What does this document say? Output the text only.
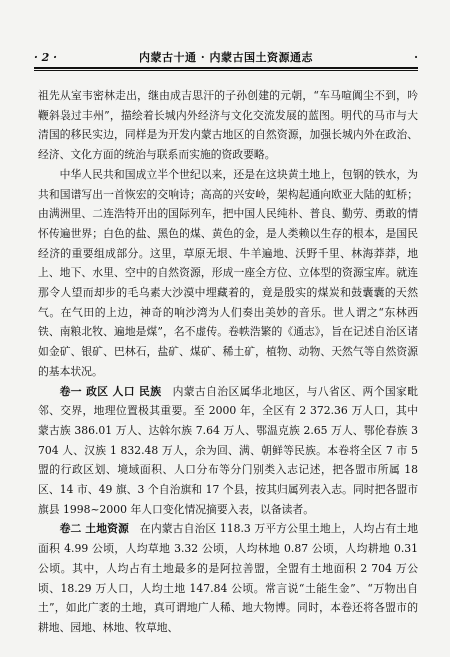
· 2 ·	内蒙古十通 · 内蒙古国土资源通志	·

祖先从室韦密林走出，继由成吉思汗的子孙创建的元朝，“车马喧阗尘不到，吟鞭斜袅过丰州”，描绘着长城内外经济与文化交流发展的蓝图。明代的马市与大清国的移民实边，同样是为开发内蒙古地区的自然资源，加强长城内外在政治、经济、文化方面的统治与联系而实施的资政要略。

中华人民共和国成立半个世纪以来，还是在这块黄土地上，包钢的铁水，为共和国谱写出一首恢宏的交响诗；高高的兴安岭，架构起通向欧亚大陆的虹桥；由满洲里、二连浩特开出的国际列车，把中国人民纯朴、普良、勤劳、勇敢的情怀传遍世界；白色的盐、黑色的煤、黄色的金，是人类赖以生存的根本，是国民经济的重要组成部分。这里，草原无垠、牛羊遍地、沃野千里、林海莽莽，地上、地下、水里、空中的自然资源，形成一座全方位、立体型的资源宝库。就连那令人望而却步的毛乌素大沙漠中埋藏着的，竟是殷实的煤炭和鼓囊囊的天然气。在气田的上边，神奇的响沙湾为人们奏出美妙的音乐。世人谓之“东林西铁、南粮北牧、遍地是煤”，名不虚传。卷帙浩繁的《通志》，旨在记述自治区诸如金矿、银矿、巴林石，盐矿、煤矿、稀土矿，植物、动物、天然气等自然资源的基本状况。

卷一 政区 人口 民族　 内蒙古自治区属华北地区，与八省区、两个国家毗邻、交界，地理位置极其重要。至 2000 年，全区有 2 372.36 万人口，其中蒙古族 386.01 万人、达斡尔族 7.64 万人、鄂温克族 2.65 万人、鄂伦春族 3 704 人、汉族 1 832.48 万人，余为回、满、朝鲜等民族。本卷将全区 7 市 5 盟的行政区划、境域面积、人口分布等分门别类入志记述，把各盟市所属 18 区、14 市、49 旗、3 个自治旗和 17 个县，按其归属列表入志。同时把各盟市旗县 1998~2000 年人口变化情况摘要入表，以备读者。

卷二 土地资源　 在内蒙古自治区 118.3 万平方公里土地上，人均占有土地面积 4.99 公顷，人均草地 3.32 公顷，人均林地 0.87 公顷，人均耕地 0.31 公顷。其中，人均占有土地最多的是阿拉善盟，全盟有土地面积 2 704 万公顷、18.29 万人口，人均土地 147.84 公顷。常言说“土能生金”、“万物出自土”，如此广袤的土地，真可谓地广人稀、地大物博。同时，本卷还将各盟市的耕地、园地、林地、牧草地、
